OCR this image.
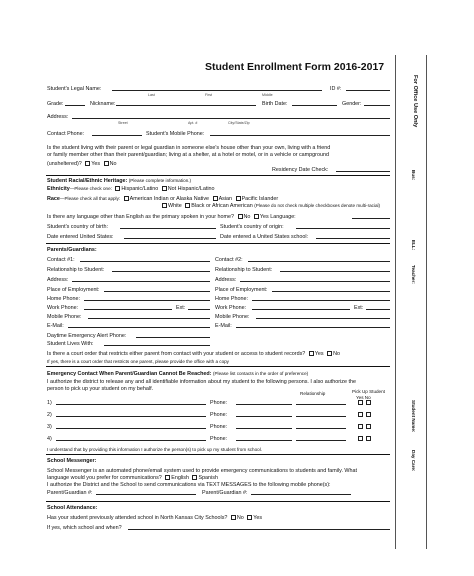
Student Enrollment Form 2016-2017
For Office Use Only
Bus:
ELL:
Teacher:
Student Name:
Day Care:
Student's Legal Name:
Last	First	Middle
ID #:
Grade:	Nickname:	Birth Date:	Gender:
Address:
Street	Apt. #	City/State/Zip
Contact Phone:	Student's Mobile Phone:
Is the student living with their parent or legal guardian in someone else's house other than your own, living with a friend
or family member other than their parent/guardian; living at a shelter, at a hotel or motel, or in a vehicle or campground
(unsheltered)? Yes No
Residency Date Check:
Student Racial/Ethnic Heritage: (Please complete information.)
Ethnicity—Please check one: Hispanic/Latino Not Hispanic/Latino
Race—Please check all that apply: American Indian or Alaska Native Asian Pacific Islander
White Black or African American (Please do not check multiple checkboxes denote multi-racial)
Is there any language other than English as the primary spoken in your home? No Yes Language:
Student's country of birth:	Student's country of origin:
Date entered United States:	Date entered a United States school:
Parents/Guardians:
Contact #1:	Contact #2:
Relationship to Student:	Relationship to Student:
Address:	Address:
Place of Employment:	Place of Employment:
Home Phone:	Home Phone:
Work Phone:	Ext:	Work Phone:	Ext:
Mobile Phone:	Mobile Phone:
E-Mail:	E-Mail:
Daytime Emergency Alert Phone:
Student Lives With:
Is there a court order that restricts either parent from contact with your student or access to student records? Yes No
If yes, there is a court order that restricts one parent, please provide the office with a copy
Emergency Contact When Parent/Guardian Cannot Be Reached: (Please list contacts in the order of preference)
I authorize the district to release any and all identifiable information about my student to the following persons. I also authorize the
person to pick up your student on my behalf.
Relationship	Pick Up Student
Yes No
1)	Phone:
2)	Phone:
3)	Phone:
4)	Phone:
I understand that by providing this information I authorize the person(s) to pick up my student from school.
School Messenger:
School Messenger is an automated phone/email system used to provide emergency communications to students and family. What
language would you prefer for communications? English Spanish
I authorize the District and the School to send communications via TEXT MESSAGES to the following mobile phone(s):
Parent/Guardian #:	Parent/Guardian #:
School Attendance:
Has your student previously attended school in North Kansas City Schools? No Yes
If yes, which school and when?
